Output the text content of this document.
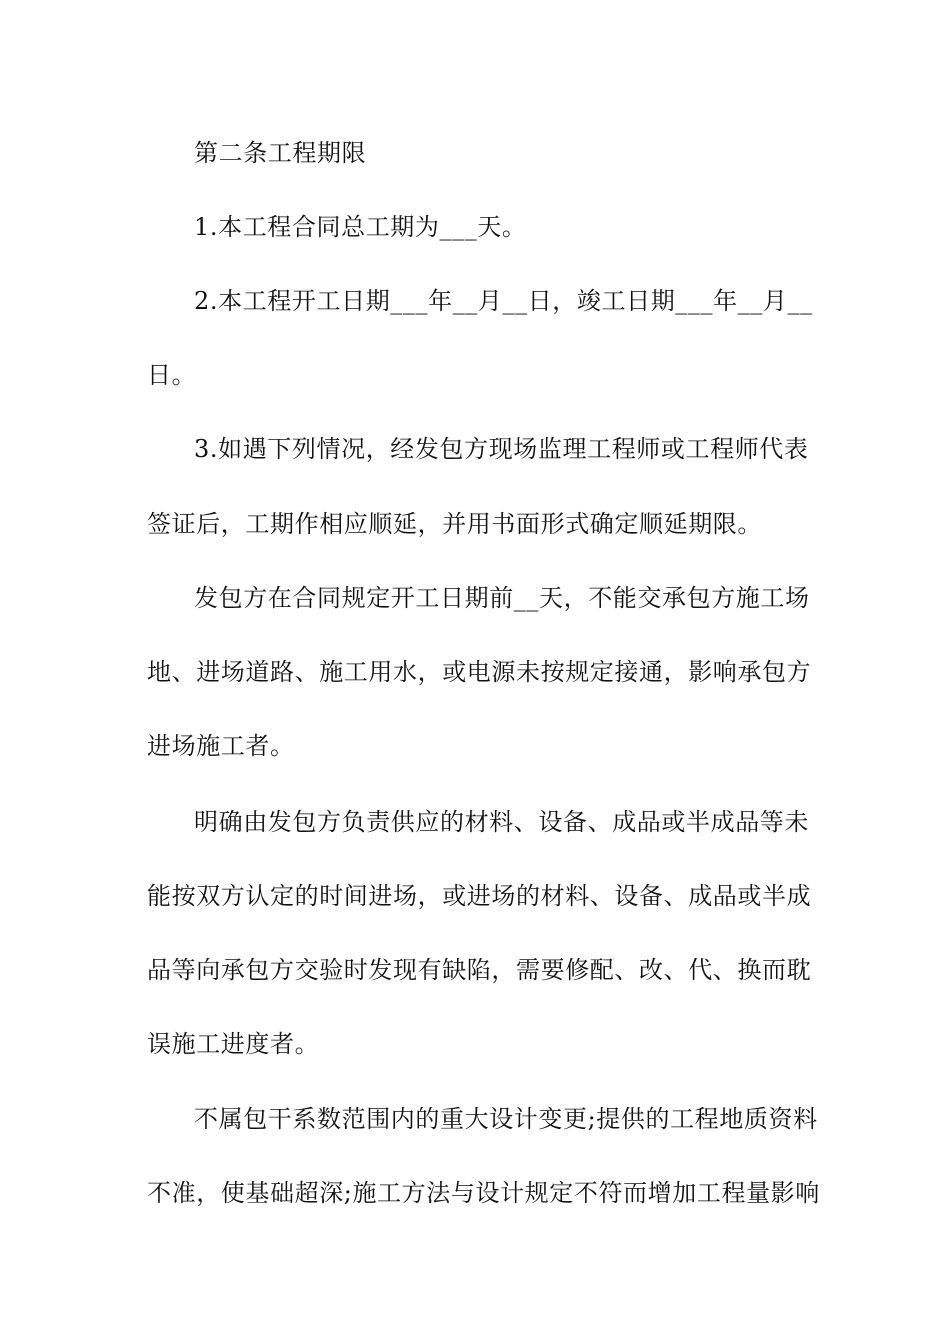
第二条工程期限
1.本工程合同总工期为___天。
2.本工程开工日期___年__月__日，竣工日期___年__月__
日。
3.如遇下列情况，经发包方现场监理工程师或工程师代表
签证后，工期作相应顺延，并用书面形式确定顺延期限。
发包方在合同规定开工日期前__天，不能交承包方施工场
地、进场道路、施工用水，或电源未按规定接通，影响承包方
进场施工者。
明确由发包方负责供应的材料、设备、成品或半成品等未
能按双方认定的时间进场，或进场的材料、设备、成品或半成
品等向承包方交验时发现有缺陷，需要修配、改、代、换而耽
误施工进度者。
不属包干系数范围内的重大设计变更;提供的工程地质资料
不准，使基础超深;施工方法与设计规定不符而增加工程量影响
